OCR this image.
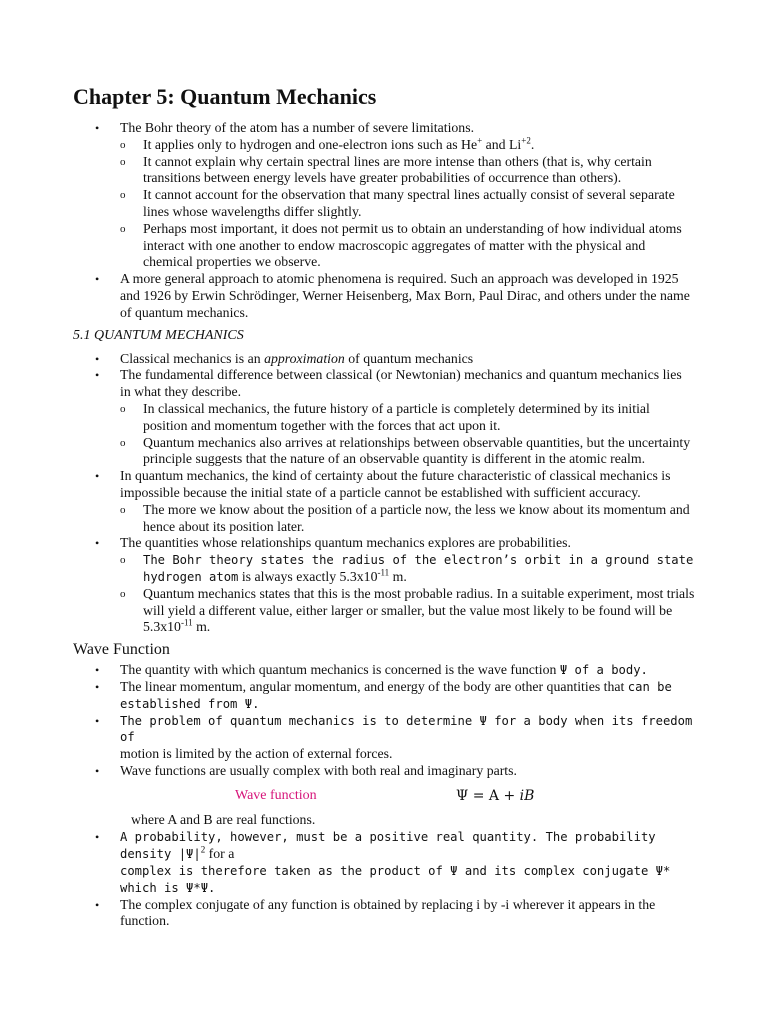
Chapter 5: Quantum Mechanics
• The Bohr theory of the atom has a number of severe limitations.
o It applies only to hydrogen and one-electron ions such as He+ and $Li^{+2}$.
o It cannot explain why certain spectral lines are more intense than others (that is, why certain transitions between energy levels have greater probabilities of occurrence than others).
o It cannot account for the observation that many spectral lines actually consist of several separate lines whose wavelengths differ slightly.
o Perhaps most important, it does not permit us to obtain an understanding of how individual atoms interact with one another to endow macroscopic aggregates of matter with the physical and chemical properties we observe.
• A more general approach to atomic phenomena is required. Such an approach was developed in 1925 and 1926 by Erwin Schrödinger, Werner Heisenberg, Max Born, Paul Dirac, and others under the name of quantum mechanics.
5.1 QUANTUM MECHANICS
• Classical mechanics is an approximation of quantum mechanics
• The fundamental difference between classical (or Newtonian) mechanics and quantum mechanics lies in what they describe.
o In classical mechanics, the future history of a particle is completely determined by its initial position and momentum together with the forces that act upon it.
o Quantum mechanics also arrives at relationships between observable quantities, but the uncertainty principle suggests that the nature of an observable quantity is different in the atomic realm.
• In quantum mechanics, the kind of certainty about the future characteristic of classical mechanics is impossible because the initial state of a particle cannot be established with sufficient accuracy.
o The more we know about the position of a particle now, the less we know about its momentum and hence about its position later.
• The quantities whose relationships quantum mechanics explores are probabilities.
o The Bohr theory states the radius of the electron’s orbit in a ground state hydrogen atom is always exactly $5.3x10^{-11}$ m.
o Quantum mechanics states that this is the most probable radius. In a suitable experiment, most trials will yield a different value, either larger or smaller, but the value most likely to be found will be $5.3x10^{-11}$ m.
Wave Function
• The quantity with which quantum mechanics is concerned is the wave function Ψ of a body.
• The linear momentum, angular momentum, and energy of the body are other quantities that can be established from Ψ.
• The problem of quantum mechanics is to determine Ψ for a body when its freedom of
motion is limited by the action of external forces.
• Wave functions are usually complex with both real and imaginary parts.
Wave function	Ψ = A + iB
where A and B are real functions.
• A probability, however, must be a positive real quantity. The probability density $|\Psi|^2$ for a
complex is therefore taken as the product of Ψ and its complex conjugate Ψ* which is Ψ*Ψ.
• The complex conjugate of any function is obtained by replacing i by -i wherever it appears in the function.
